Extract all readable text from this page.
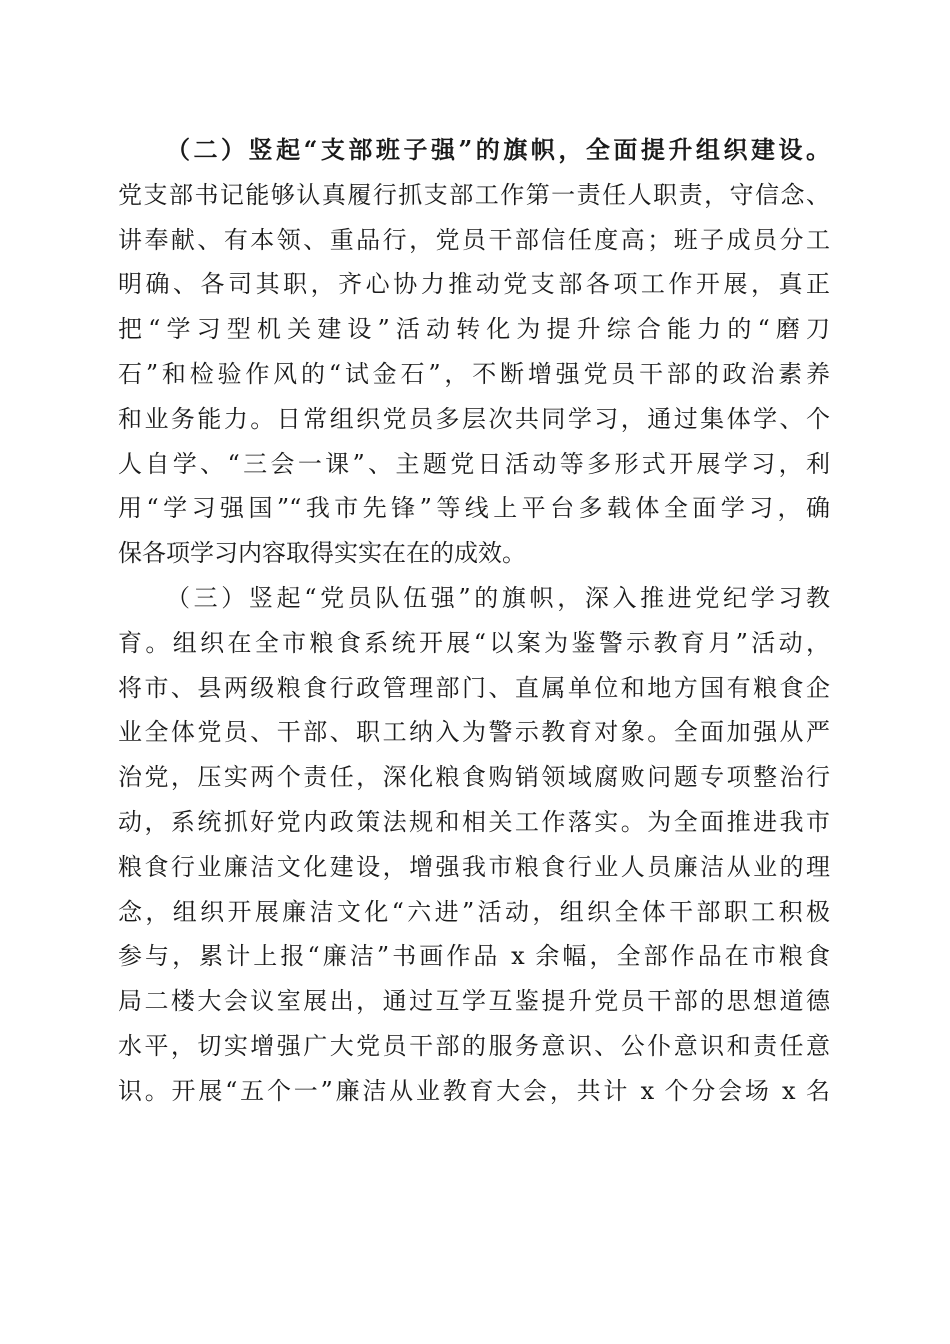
（二）竖起“支部班子强”的旗帜，全面提升组织建设。
党支部书记能够认真履行抓支部工作第一责任人职责，守信念、
讲奉献、有本领、重品行，党员干部信任度高；班子成员分工
明确、各司其职，齐心协力推动党支部各项工作开展，真正
把“学习型机关建设”活动转化为提升综合能力的“磨刀
石”和检验作风的“试金石”，不断增强党员干部的政治素养
和业务能力。日常组织党员多层次共同学习，通过集体学、个
人自学、“三会一课”、主题党日活动等多形式开展学习，利
用“学习强国”“我市先锋”等线上平台多载体全面学习，确
保各项学习内容取得实实在在的成效。
（三）竖起“党员队伍强”的旗帜，深入推进党纪学习教
育。组织在全市粮食系统开展“以案为鉴警示教育月”活动，
将市、县两级粮食行政管理部门、直属单位和地方国有粮食企
业全体党员、干部、职工纳入为警示教育对象。全面加强从严
治党，压实两个责任，深化粮食购销领域腐败问题专项整治行
动，系统抓好党内政策法规和相关工作落实。为全面推进我市
粮食行业廉洁文化建设，增强我市粮食行业人员廉洁从业的理
念，组织开展廉洁文化“六进”活动，组织全体干部职工积极
参与，累计上报“廉洁”书画作品 x 余幅，全部作品在市粮食
局二楼大会议室展出，通过互学互鉴提升党员干部的思想道德
水平，切实增强广大党员干部的服务意识、公仆意识和责任意
识。开展“五个一”廉洁从业教育大会，共计 x 个分会场 x 名
